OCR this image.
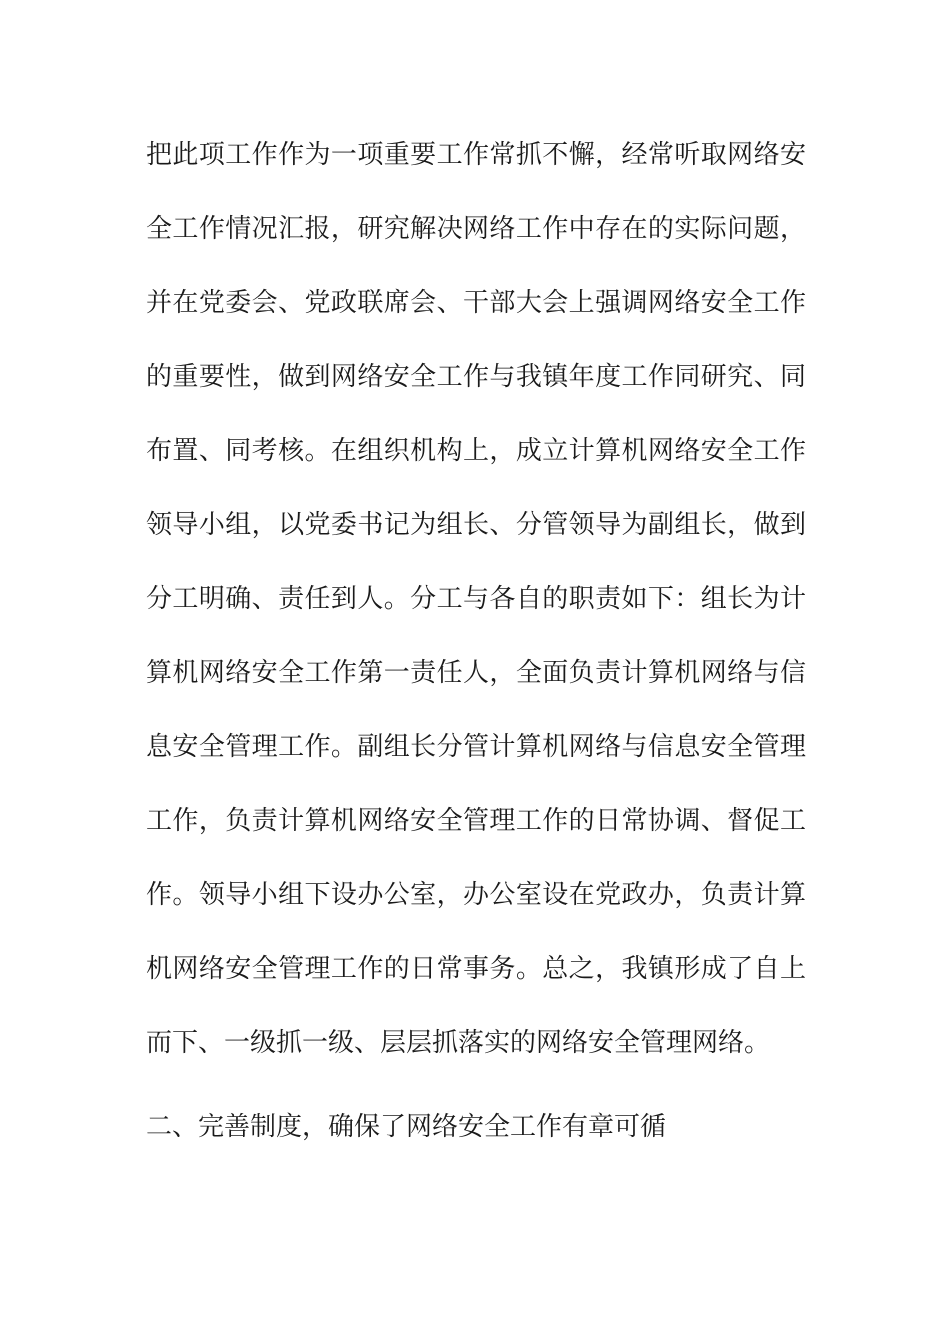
把此项工作作为一项重要工作常抓不懈，经常听取网络安
全工作情况汇报，研究解决网络工作中存在的实际问题，
并在党委会、党政联席会、干部大会上强调网络安全工作
的重要性，做到网络安全工作与我镇年度工作同研究、同
布置、同考核。在组织机构上，成立计算机网络安全工作
领导小组，以党委书记为组长、分管领导为副组长，做到
分工明确、责任到人。分工与各自的职责如下：组长为计
算机网络安全工作第一责任人，全面负责计算机网络与信
息安全管理工作。副组长分管计算机网络与信息安全管理
工作，负责计算机网络安全管理工作的日常协调、督促工
作。领导小组下设办公室，办公室设在党政办，负责计算
机网络安全管理工作的日常事务。总之，我镇形成了自上
而下、一级抓一级、层层抓落实的网络安全管理网络。
二、完善制度，确保了网络安全工作有章可循
